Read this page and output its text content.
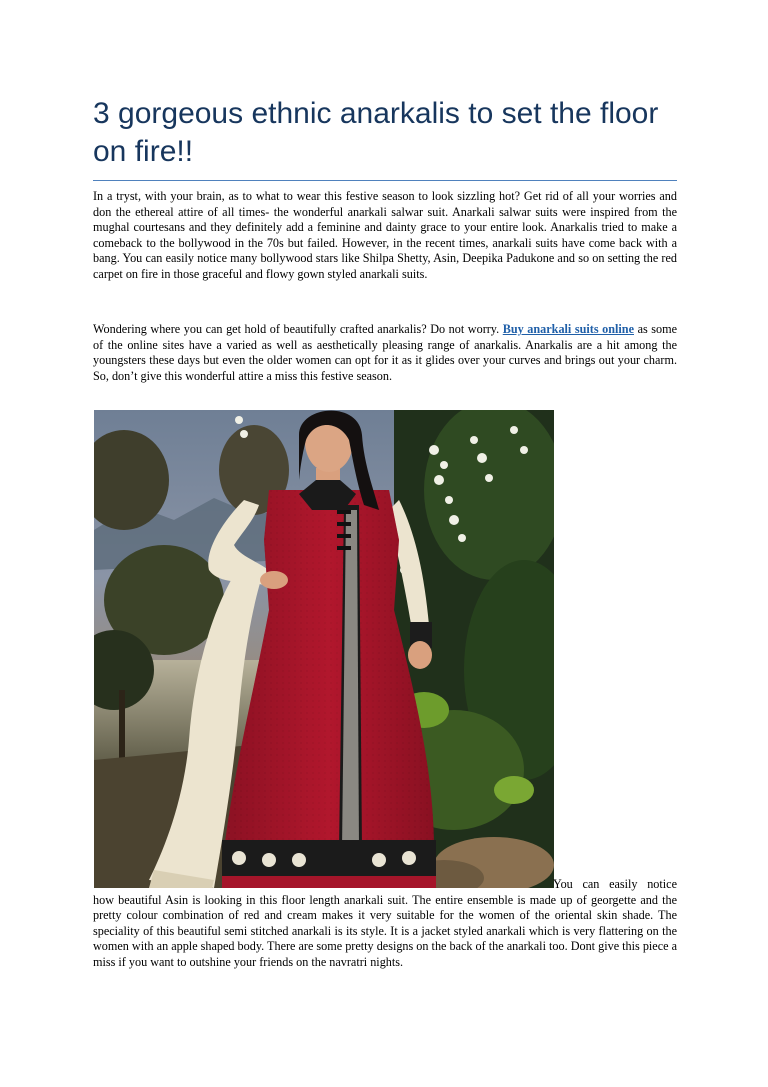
3 gorgeous ethnic anarkalis to set the floor on fire!!

In a tryst, with your brain, as to what to wear this festive season to look sizzling hot? Get rid of all your worries and don the ethereal attire of all times- the wonderful anarkali salwar suit. Anarkali salwar suits were inspired from the mughal courtesans and they definitely add a feminine and dainty grace to your entire look. Anarkalis tried to make a comeback to the bollywood in the 70s but failed. However, in the recent times, anarkali suits have come back with a bang. You can easily notice many bollywood stars like Shilpa Shetty, Asin, Deepika Padukone and so on setting the red carpet on fire in those graceful and flowy gown styled anarkali suits.

Wondering where you can get hold of beautifully crafted anarkalis? Do not worry. Buy anarkali suits online as some of the online sites have a varied as well as aesthetically pleasing range of anarkalis. Anarkalis are a hit among the youngsters these days but even the older women can opt for it as it glides over your curves and brings out your charm. So, don’t give this wonderful attire a miss this festive season.

You can easily notice how beautiful Asin is looking in this floor length anarkali suit. The entire ensemble is made up of georgette and the pretty colour combination of red and cream makes it very suitable for the women of the oriental skin shade. The speciality of this beautiful semi stitched anarkali is its style. It is a jacket styled anarkali which is very flattering on the women with an apple shaped body. There are some pretty designs on the back of the anarkali too. Dont give this piece a miss if you want to outshine your friends on the navratri nights.
